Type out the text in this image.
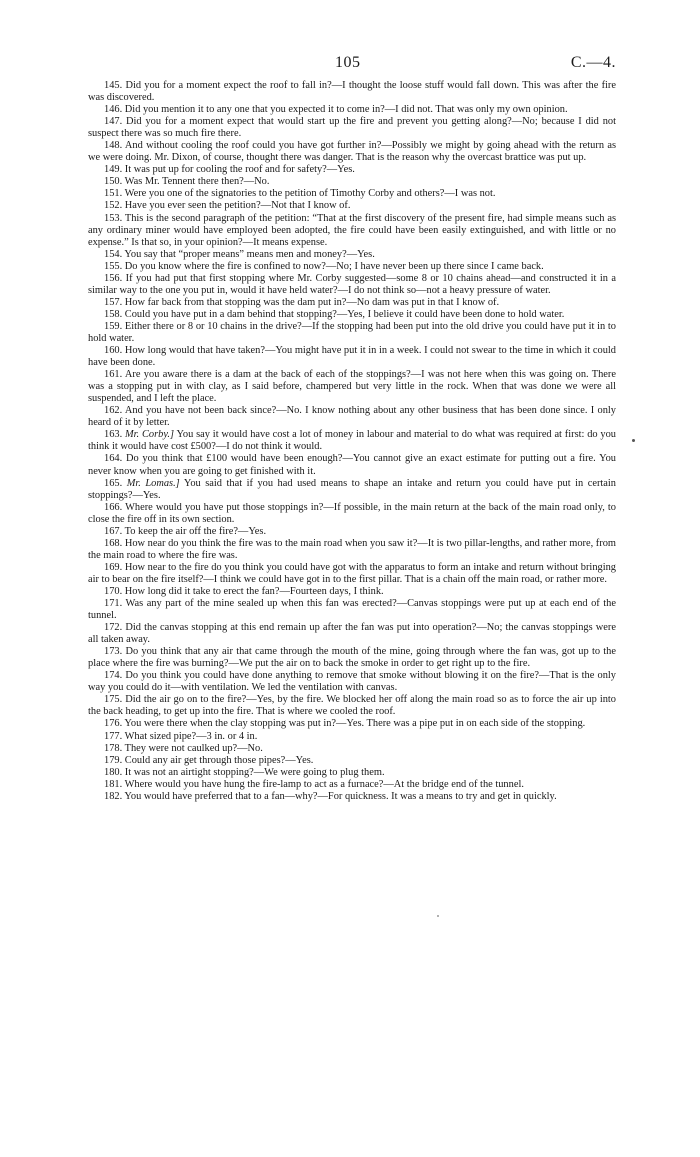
105	C.—4.

145. Did you for a moment expect the roof to fall in?—I thought the loose stuff would fall down. This was after the fire was discovered.

146. Did you mention it to any one that you expected it to come in?—I did not. That was only my own opinion.

147. Did you for a moment expect that would start up the fire and prevent you getting along?—No; because I did not suspect there was so much fire there.

148. And without cooling the roof could you have got further in?—Possibly we might by going ahead with the return as we were doing. Mr. Dixon, of course, thought there was danger. That is the reason why the overcast brattice was put up.

149. It was put up for cooling the roof and for safety?—Yes.

150. Was Mr. Tennent there then?—No.

151. Were you one of the signatories to the petition of Timothy Corby and others?—I was not.

152. Have you ever seen the petition?—Not that I know of.

153. This is the second paragraph of the petition: “That at the first discovery of the present fire, had simple means such as any ordinary miner would have employed been adopted, the fire could have been easily extinguished, and with little or no expense.” Is that so, in your opinion?—It means expense.

154. You say that “proper means” means men and money?—Yes.

155. Do you know where the fire is confined to now?—No; I have never been up there since I came back.

156. If you had put that first stopping where Mr. Corby suggested—some 8 or 10 chains ahead—and constructed it in a similar way to the one you put in, would it have held water?—I do not think so—not a heavy pressure of water.

157. How far back from that stopping was the dam put in?—No dam was put in that I know of.

158. Could you have put in a dam behind that stopping?—Yes, I believe it could have been done to hold water.

159. Either there or 8 or 10 chains in the drive?—If the stopping had been put into the old drive you could have put it in to hold water.

160. How long would that have taken?—You might have put it in in a week. I could not swear to the time in which it could have been done.

161. Are you aware there is a dam at the back of each of the stoppings?—I was not here when this was going on. There was a stopping put in with clay, as I said before, champered but very little in the rock. When that was done we were all suspended, and I left the place.

162. And you have not been back since?—No. I know nothing about any other business that has been done since. I only heard of it by letter.

163. Mr. Corby.] You say it would have cost a lot of money in labour and material to do what was required at first: do you think it would have cost £500?—I do not think it would.

164. Do you think that £100 would have been enough?—You cannot give an exact estimate for putting out a fire. You never know when you are going to get finished with it.

165. Mr. Lomas.] You said that if you had used means to shape an intake and return you could have put in certain stoppings?—Yes.

166. Where would you have put those stoppings in?—If possible, in the main return at the back of the main road only, to close the fire off in its own section.

167. To keep the air off the fire?—Yes.

168. How near do you think the fire was to the main road when you saw it?—It is two pillar-lengths, and rather more, from the main road to where the fire was.

169. How near to the fire do you think you could have got with the apparatus to form an intake and return without bringing air to bear on the fire itself?—I think we could have got in to the first pillar. That is a chain off the main road, or rather more.

170. How long did it take to erect the fan?—Fourteen days, I think.

171. Was any part of the mine sealed up when this fan was erected?—Canvas stoppings were put up at each end of the tunnel.

172. Did the canvas stopping at this end remain up after the fan was put into operation?—No; the canvas stoppings were all taken away.

173. Do you think that any air that came through the mouth of the mine, going through where the fan was, got up to the place where the fire was burning?—We put the air on to back the smoke in order to get right up to the fire.

174. Do you think you could have done anything to remove that smoke without blowing it on the fire?—That is the only way you could do it—with ventilation. We led the ventilation with canvas.

175. Did the air go on to the fire?—Yes, by the fire. We blocked her off along the main road so as to force the air up into the back heading, to get up into the fire. That is where we cooled the roof.

176. You were there when the clay stopping was put in?—Yes. There was a pipe put in on each side of the stopping.

177. What sized pipe?—3 in. or 4 in.

178. They were not caulked up?—No.

179. Could any air get through those pipes?—Yes.

180. It was not an airtight stopping?—We were going to plug them.

181. Where would you have hung the fire-lamp to act as a furnace?—At the bridge end of the tunnel.

182. You would have preferred that to a fan—why?—For quickness. It was a means to try and get in quickly.
